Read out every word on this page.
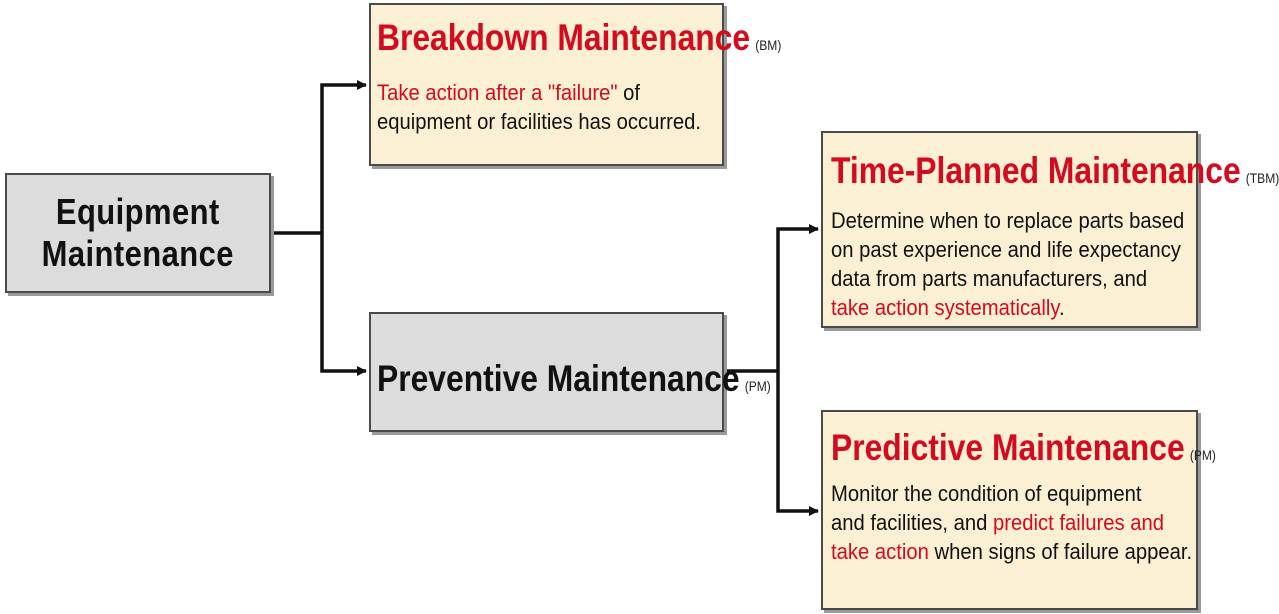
Equipment
Maintenance
Breakdown Maintenance (BM)
Take action after a "failure" of
equipment or facilities has occurred.
Preventive Maintenance (PM)
Time-Planned Maintenance (TBM)
Determine when to replace parts based
on past experience and life expectancy
data from parts manufacturers, and
take action systematically.
Predictive Maintenance (PM)
Monitor the condition of equipment
and facilities, and predict failures and
take action when signs of failure appear.
